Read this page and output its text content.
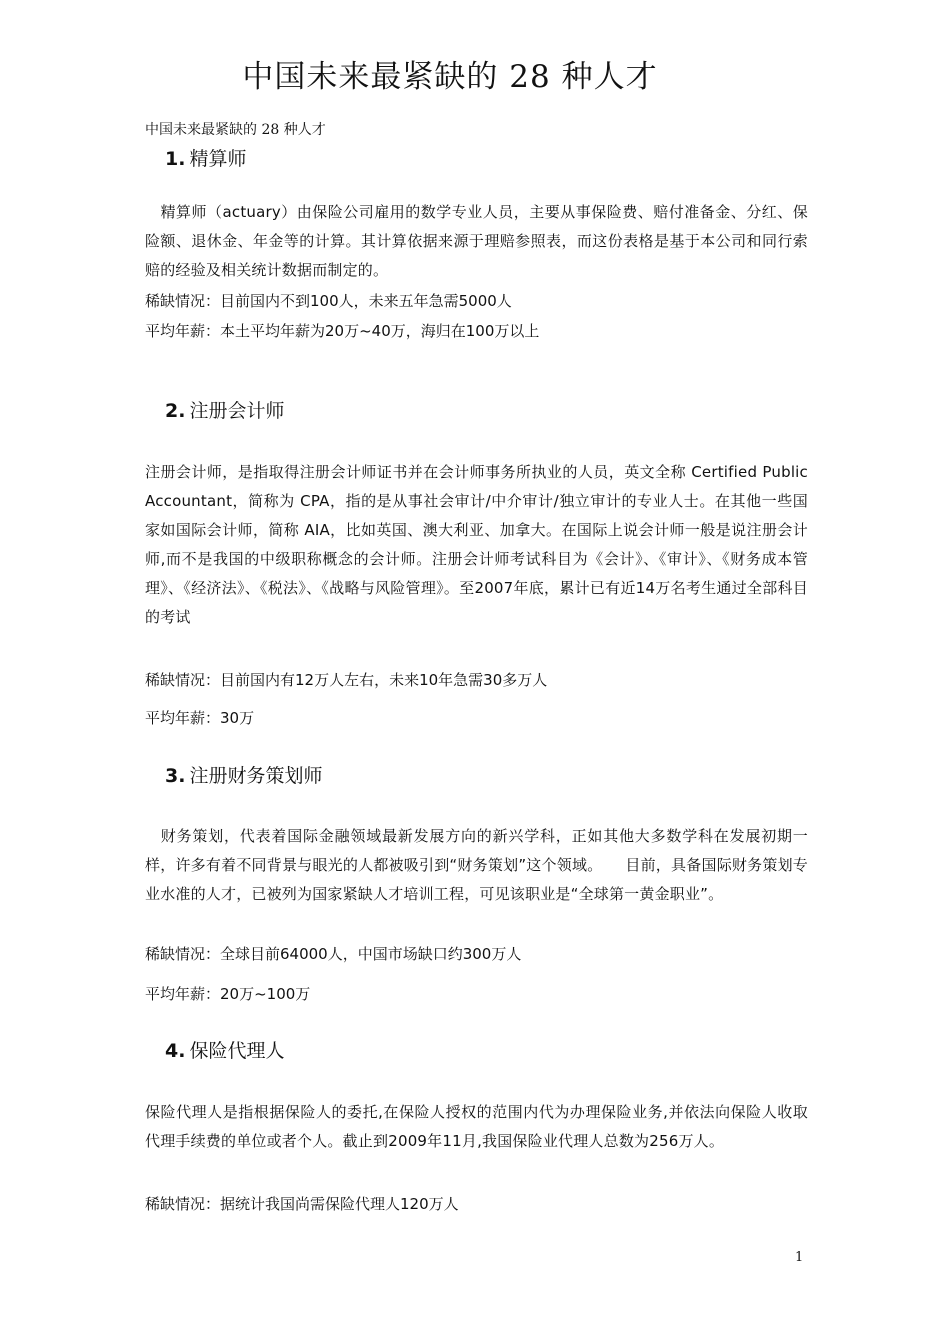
中国未来最紧缺的 28 种人才
中国未来最紧缺的 28 种人才
1. 精算师
　精算师（actuary）由保险公司雇用的数学专业人员，主要从事保险费、赔付准备金、分红、保险额、退休金、年金等的计算。其计算依据来源于理赔参照表，而这份表格是基于本公司和同行索赔的经验及相关统计数据而制定的。
稀缺情况：目前国内不到100人，未来五年急需5000人
平均年薪：本土平均年薪为20万~40万，海归在100万以上
2. 注册会计师
注册会计师，是指取得注册会计师证书并在会计师事务所执业的人员，英文全称 Certified Public Accountant，简称为 CPA，指的是从事社会审计/中介审计/独立审计的专业人士。在其他一些国家如国际会计师，简称 AIA，比如英国、澳大利亚、加拿大。在国际上说会计师一般是说注册会计师,而不是我国的中级职称概念的会计师。注册会计师考试科目为《会计》、《审计》、《财务成本管理》、《经济法》、《税法》、《战略与风险管理》。至2007年底，累计已有近14万名考生通过全部科目的考试
稀缺情况：目前国内有12万人左右，未来10年急需30多万人
平均年薪：30万
3. 注册财务策划师
　财务策划，代表着国际金融领域最新发展方向的新兴学科，正如其他大多数学科在发展初期一样，许多有着不同背景与眼光的人都被吸引到“财务策划”这个领域。　　目前，具备国际财务策划专业水准的人才，已被列为国家紧缺人才培训工程，可见该职业是“全球第一黄金职业”。
稀缺情况：全球目前64000人，中国市场缺口约300万人
平均年薪：20万~100万
4. 保险代理人
保险代理人是指根据保险人的委托,在保险人授权的范围内代为办理保险业务,并依法向保险人收取代理手续费的单位或者个人。截止到2009年11月,我国保险业代理人总数为256万人。
稀缺情况：据统计我国尚需保险代理人120万人
1
